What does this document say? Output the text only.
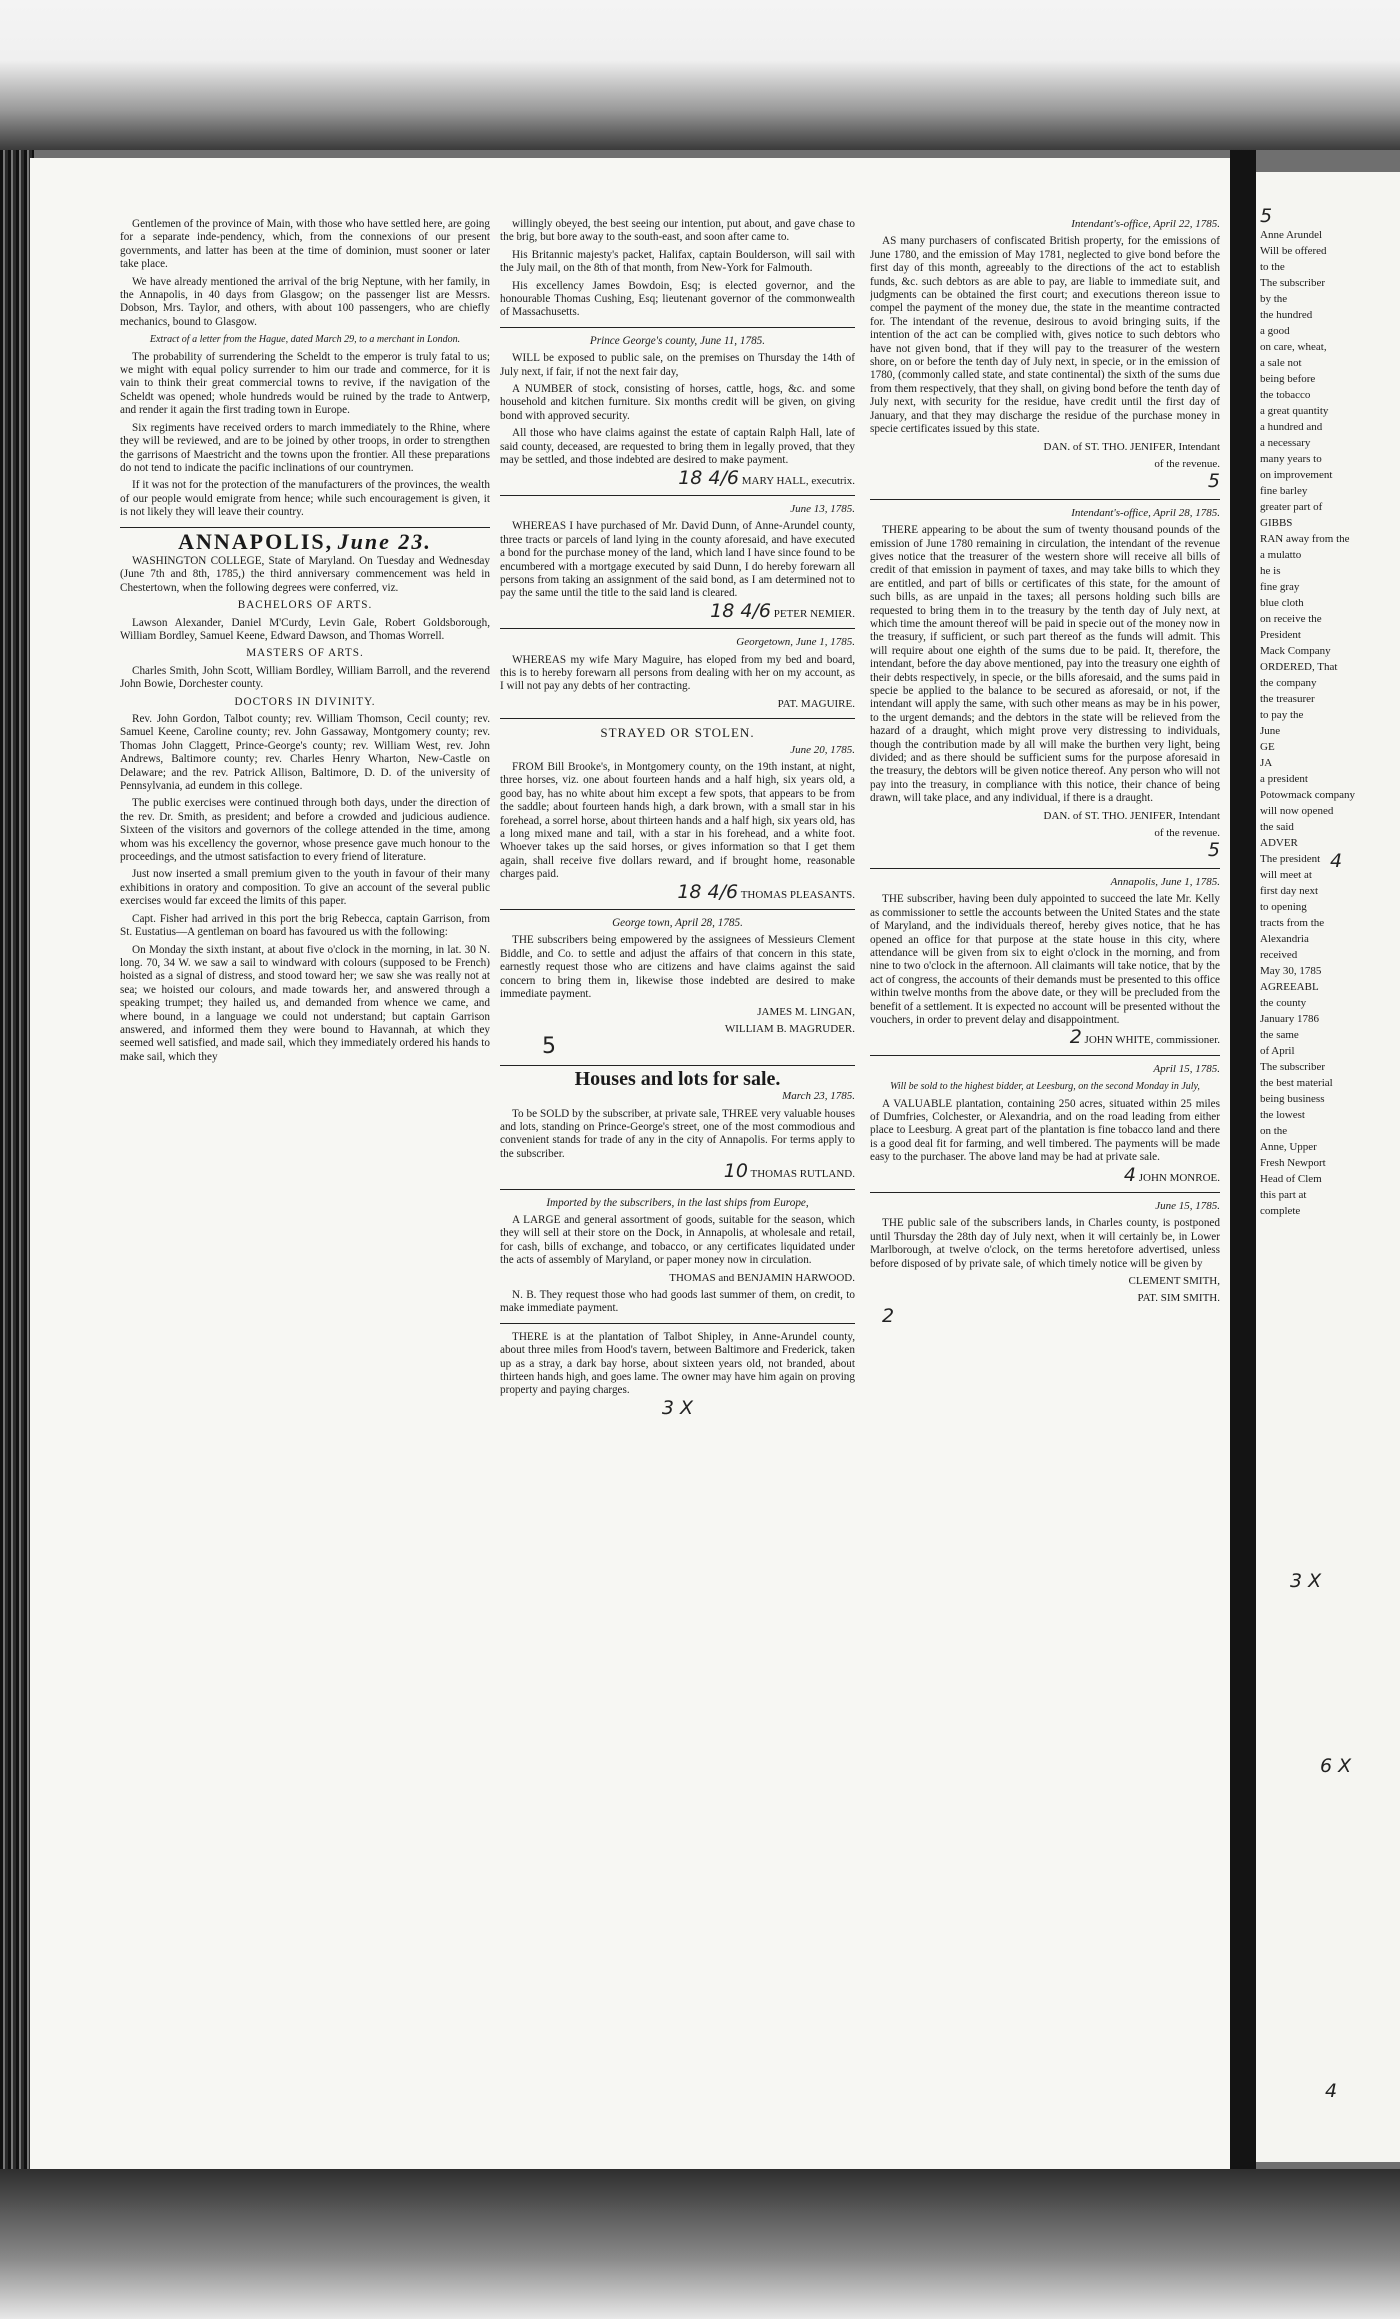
Gentlemen of the province of Main, with those who have settled here, are going for a separate inde-pendency, which, from the connexions of our present governments, and latter has been at the time of dominion, must sooner or later take place.

We have already mentioned the arrival of the brig Neptune, with her family, in the Annapolis, in 40 days from Glasgow; on the passenger list are Messrs. Dobson, Mrs. Taylor, and others, with about 100 passengers, who are chiefly mechanics, bound to Glasgow.

Extract of a letter from the Hague, dated March 29, to a merchant in London.

The probability of surrendering the Scheldt to the emperor is truly fatal to us; we might with equal policy surrender to him our trade and commerce, for it is vain to think their great commercial towns to revive, if the navigation of the Scheldt was opened; whole hundreds would be ruined by the trade to Antwerp, and render it again the first trading town in Europe.

Six regiments have received orders to march immediately to the Rhine, where they will be reviewed, and are to be joined by other troops, in order to strengthen the garrisons of Maestricht and the towns upon the frontier. All these preparations do not tend to indicate the pacific inclinations of our countrymen.

If it was not for the protection of the manufacturers of the provinces, the wealth of our people would emigrate from hence; while such encouragement is given, it is not likely they will leave their country.

ANNAPOLIS, June 23.

WASHINGTON COLLEGE, State of Maryland. On Tuesday and Wednesday (June 7th and 8th, 1785,) the third anniversary commencement was held in Chestertown, when the following degrees were conferred, viz.

BACHELORS OF ARTS.

Lawson Alexander, Daniel M'Curdy, Levin Gale, Robert Goldsborough, William Bordley, Samuel Keene, Edward Dawson, and Thomas Worrell.

MASTERS OF ARTS.

Charles Smith, John Scott, William Bordley, William Barroll, and the reverend John Bowie, Dorchester county.

DOCTORS IN DIVINITY.

Rev. John Gordon, Talbot county; rev. William Thomson, Cecil county; rev. Samuel Keene, Caroline county; rev. John Gassaway, Montgomery county; rev. Thomas John Claggett, Prince-George's county; rev. William West, rev. John Andrews, Baltimore county; rev. Charles Henry Wharton, New-Castle on Delaware; and the rev. Patrick Allison, Baltimore, D. D. of the university of Pennsylvania, ad eundem in this college.

The public exercises were continued through both days, under the direction of the rev. Dr. Smith, as president; and before a crowded and judicious audience. Sixteen of the visitors and governors of the college attended in the time, among whom was his excellency the governor, whose presence gave much honour to the proceedings, and the utmost satisfaction to every friend of literature.

Just now inserted a small premium given to the youth in favour of their many exhibitions in oratory and composition. To give an account of the several public exercises would far exceed the limits of this paper.

Capt. Fisher had arrived in this port the brig Rebecca, captain Garrison, from St. Eustatius—A gentleman on board has favoured us with the following:

On Monday the sixth instant, at about five o'clock in the morning, in lat. 30 N. long. 70, 34 W. we saw a sail to windward with colours (supposed to be French) hoisted as a signal of distress, and stood toward her; we saw she was really not at sea; we hoisted our colours, and made towards her, and answered through a speaking trumpet; they hailed us, and demanded from whence we came, and where bound, in a language we could not understand; but captain Garrison answered, and informed them they were bound to Havannah, at which they seemed well satisfied, and made sail, which they immediately ordered his hands to make sail, which they

willingly obeyed, the best seeing our intention, put about, and gave chase to the brig, but bore away to the south-east, and soon after came to.

His Britannic majesty's packet, Halifax, captain Boulderson, will sail with the July mail, on the 8th of that month, from New-York for Falmouth.

His excellency James Bowdoin, Esq; is elected governor, and the honourable Thomas Cushing, Esq; lieutenant governor of the commonwealth of Massachusetts.

Prince George's county, June 11, 1785.

WILL be exposed to public sale, on the premises on Thursday the 14th of July next, if fair, if not the next fair day,

A NUMBER of stock, consisting of horses, cattle, hogs, &c. and some household and kitchen furniture. Six months credit will be given, on giving bond with approved security.

All those who have claims against the estate of captain Ralph Hall, late of said county, deceased, are requested to bring them in legally proved, that they may be settled, and those indebted are desired to make payment.

18 4/6 MARY HALL, executrix.

June 13, 1785.

WHEREAS I have purchased of Mr. David Dunn, of Anne-Arundel county, three tracts or parcels of land lying in the county aforesaid, and have executed a bond for the purchase money of the land, which land I have since found to be encumbered with a mortgage executed by said Dunn, I do hereby forewarn all persons from taking an assignment of the said bond, as I am determined not to pay the same until the title to the said land is cleared.

18 4/6 PETER NEMIER.

Georgetown, June 1, 1785.

WHEREAS my wife Mary Maguire, has eloped from my bed and board, this is to hereby forewarn all persons from dealing with her on my account, as I will not pay any debts of her contracting.

PAT. MAGUIRE.

STRAYED OR STOLEN.

June 20, 1785.

FROM Bill Brooke's, in Montgomery county, on the 19th instant, at night, three horses, viz. one about fourteen hands and a half high, six years old, a good bay, has no white about him except a few spots, that appears to be from the saddle; about fourteen hands high, a dark brown, with a small star in his forehead, a sorrel horse, about thirteen hands and a half high, six years old, has a long mixed mane and tail, with a star in his forehead, and a white foot. Whoever takes up the said horses, or gives information so that I get them again, shall receive five dollars reward, and if brought home, reasonable charges paid.

18 4/6 THOMAS PLEASANTS.

George town, April 28, 1785.

THE subscribers being empowered by the assignees of Messieurs Clement Biddle, and Co. to settle and adjust the affairs of that concern in this state, earnestly request those who are citizens and have claims against the said concern to bring them in, likewise those indebted are desired to make immediate payment.

JAMES M. LINGAN,

WILLIAM B. MAGRUDER.

5

Houses and lots for sale.

March 23, 1785.

To be SOLD by the subscriber, at private sale, THREE very valuable houses and lots, standing on Prince-George's street, one of the most commodious and convenient stands for trade of any in the city of Annapolis. For terms apply to the subscriber.

10 THOMAS RUTLAND.

Imported by the subscribers, in the last ships from Europe,

A LARGE and general assortment of goods, suitable for the season, which they will sell at their store on the Dock, in Annapolis, at wholesale and retail, for cash, bills of exchange, and tobacco, or any certificates liquidated under the acts of assembly of Maryland, or paper money now in circulation.

THOMAS and BENJAMIN HARWOOD.

N. B. They request those who had goods last summer of them, on credit, to make immediate payment.

THERE is at the plantation of Talbot Shipley, in Anne-Arundel county, about three miles from Hood's tavern, between Baltimore and Frederick, taken up as a stray, a dark bay horse, about sixteen years old, not branded, about thirteen hands high, and goes lame. The owner may have him again on proving property and paying charges.

3 X

Intendant's-office, April 22, 1785.

AS many purchasers of confiscated British property, for the emissions of June 1780, and the emission of May 1781, neglected to give bond before the first day of this month, agreeably to the directions of the act to establish funds, &c. such debtors as are able to pay, are liable to immediate suit, and judgments can be obtained the first court; and executions thereon issue to compel the payment of the money due, the state in the meantime contracted for. The intendant of the revenue, desirous to avoid bringing suits, if the intention of the act can be complied with, gives notice to such debtors who have not given bond, that if they will pay to the treasurer of the western shore, on or before the tenth day of July next, in specie, or in the emission of 1780, (commonly called state, and state continental) the sixth of the sums due from them respectively, that they shall, on giving bond before the tenth day of July next, with security for the residue, have credit until the first day of January, and that they may discharge the residue of the purchase money in specie certificates issued by this state.

DAN. of ST. THO. JENIFER, Intendant

of the revenue.

5

Intendant's-office, April 28, 1785.

THERE appearing to be about the sum of twenty thousand pounds of the emission of June 1780 remaining in circulation, the intendant of the revenue gives notice that the treasurer of the western shore will receive all bills of credit of that emission in payment of taxes, and may take bills to which they are entitled, and part of bills or certificates of this state, for the amount of such bills, as are unpaid in the taxes; all persons holding such bills are requested to bring them in to the treasury by the tenth day of July next, at which time the amount thereof will be paid in specie out of the money now in the treasury, if sufficient, or such part thereof as the funds will admit. This will require about one eighth of the sums due to be paid. It, therefore, the intendant, before the day above mentioned, pay into the treasury one eighth of their debts respectively, in specie, or the bills aforesaid, and the sums paid in specie be applied to the balance to be secured as aforesaid, or not, if the intendant will apply the same, with such other means as may be in his power, to the urgent demands; and the debtors in the state will be relieved from the hazard of a draught, which might prove very distressing to individuals, though the contribution made by all will make the burthen very light, being divided; and as there should be sufficient sums for the purpose aforesaid in the treasury, the debtors will be given notice thereof. Any person who will not pay into the treasury, in compliance with this notice, their chance of being drawn, will take place, and any individual, if there is a draught.

DAN. of ST. THO. JENIFER, Intendant

of the revenue.

5

Annapolis, June 1, 1785.

THE subscriber, having been duly appointed to succeed the late Mr. Kelly as commissioner to settle the accounts between the United States and the state of Maryland, and the individuals thereof, hereby gives notice, that he has opened an office for that purpose at the state house in this city, where attendance will be given from six to eight o'clock in the morning, and from nine to two o'clock in the afternoon. All claimants will take notice, that by the act of congress, the accounts of their demands must be presented to this office within twelve months from the above date, or they will be precluded from the benefit of a settlement. It is expected no account will be presented without the vouchers, in order to prevent delay and disappointment.

2 JOHN WHITE, commissioner.

April 15, 1785.

Will be sold to the highest bidder, at Leesburg, on the second Monday in July,

A VALUABLE plantation, containing 250 acres, situated within 25 miles of Dumfries, Colchester, or Alexandria, and on the road leading from either place to Leesburg. A great part of the plantation is fine tobacco land and there is a good deal fit for farming, and well timbered. The payments will be made easy to the purchaser. The above land may be had at private sale.

4 JOHN MONROE.

June 15, 1785.

THE public sale of the subscribers lands, in Charles county, is postponed until Thursday the 28th day of July next, when it will certainly be, in Lower Marlborough, at twelve o'clock, on the terms heretofore advertised, unless before disposed of by private sale, of which timely notice will be given by

CLEMENT SMITH,

PAT. SIM SMITH.

2

5

Anne Arundel

Will be offered

to the

The subscriber

by the

the hundred

a good

on care, wheat,

a sale not

being before

the tobacco

a great quantity

a hundred and

a necessary

many years to

on improvement

fine barley

greater part of

GIBBS

RAN away from the

a mulatto

he is

fine gray

blue cloth

on receive the

President

Mack Company

ORDERED, That

the company

the treasurer

to pay the

June

GE

JA

a president

Potowmack company

will now opened

the said

ADVER

The president

will meet at

first day next

to opening

tracts from the

Alexandria

received

May 30, 1785

AGREEABL

the county

January 1786

the same

of April

The subscriber

the best material

being business

the lowest

on the

Anne, Upper

Fresh Newport

Head of Clem

this part at

complete

4
3 X
6 X
4
